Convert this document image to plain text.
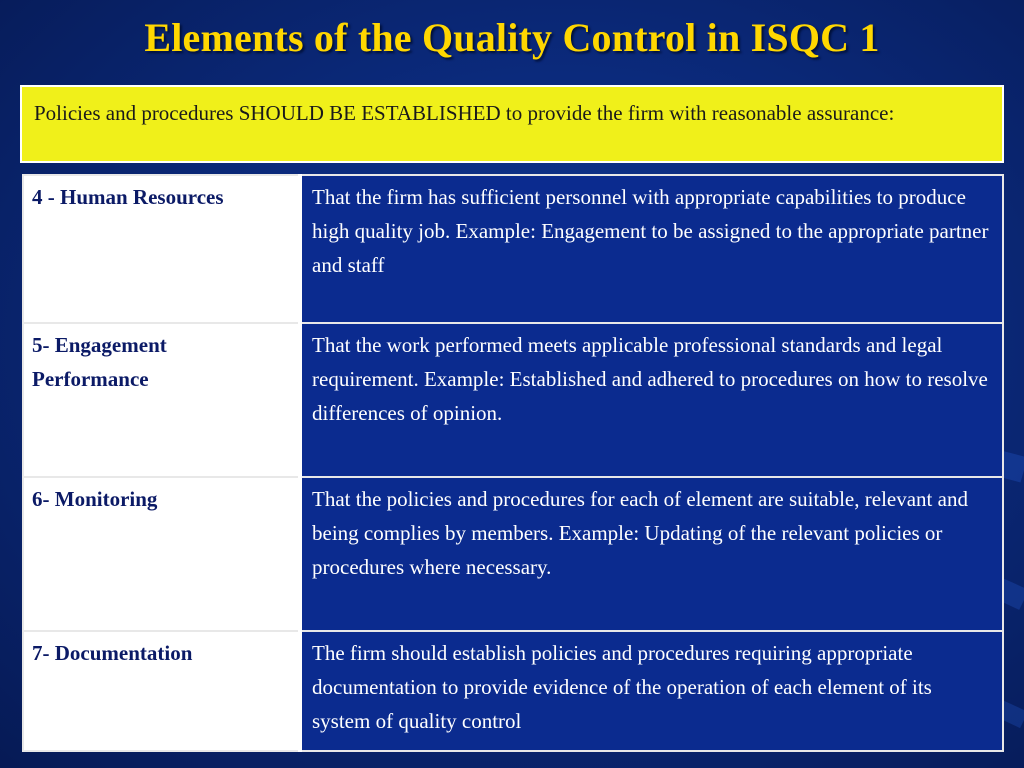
Elements of the Quality Control in ISQC 1
Policies and procedures SHOULD BE ESTABLISHED to provide the firm with reasonable assurance:
4 - Human Resources	That the firm has sufficient personnel with appropriate capabilities to produce high quality job. Example: Engagement to be assigned to the appropriate partner and staff
5- Engagement Performance	That the work performed meets applicable professional standards and legal requirement. Example: Established and adhered to procedures on how to resolve differences of opinion.
6- Monitoring	That the policies and procedures for each of element are suitable, relevant and being complies by members. Example: Updating of the relevant policies or procedures where necessary.
7- Documentation	The firm should establish policies and procedures requiring appropriate documentation to provide evidence of the operation of each element of its system of quality control
